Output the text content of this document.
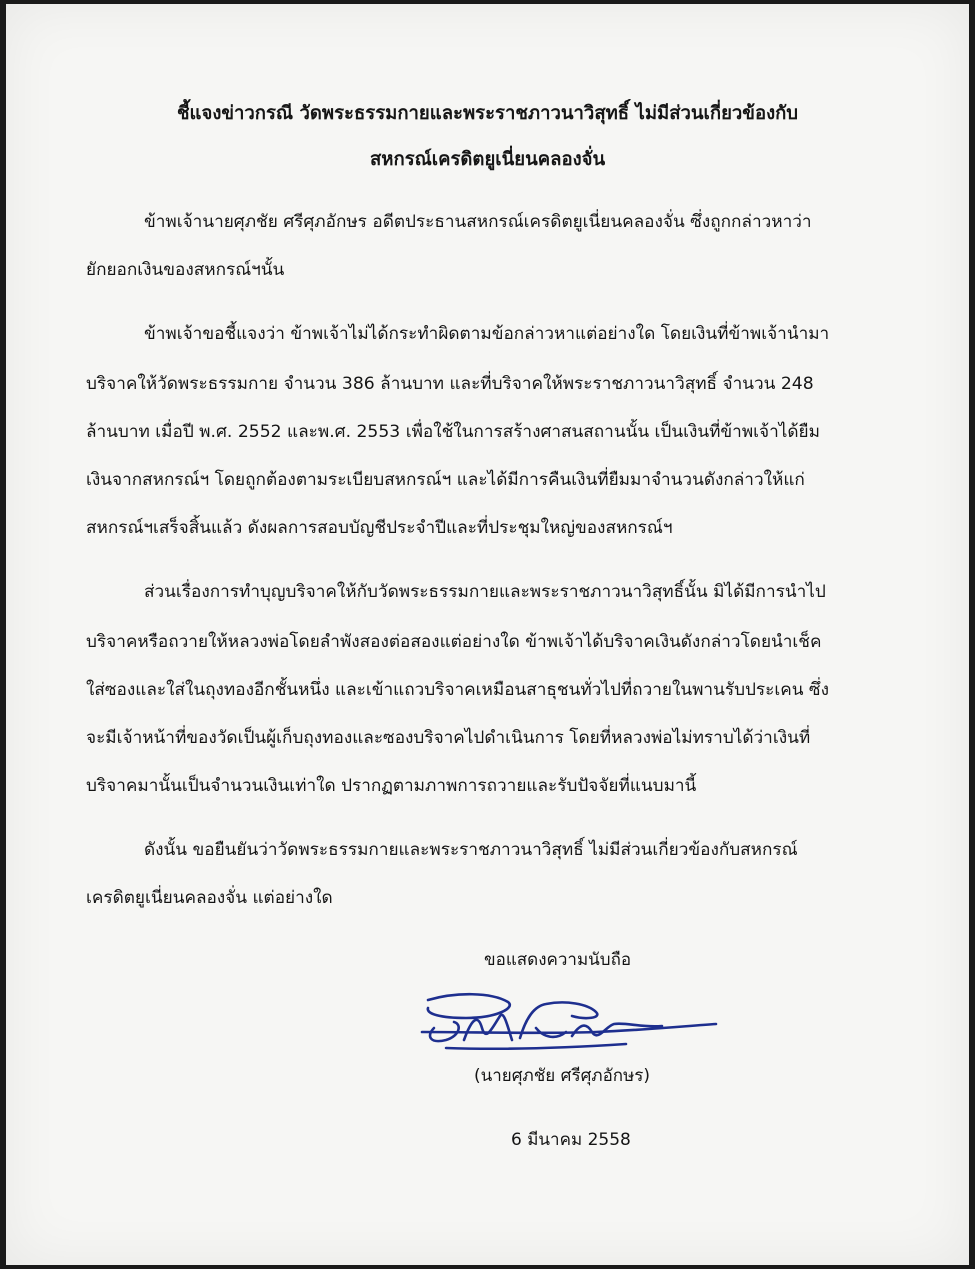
ชี้แจงข่าวกรณี วัดพระธรรมกายและพระราชภาวนาวิสุทธิ์ ไม่มีส่วนเกี่ยวข้องกับ
สหกรณ์เครดิตยูเนี่ยนคลองจั่น
ข้าพเจ้านายศุภชัย ศรีศุภอักษร อดีตประธานสหกรณ์เครดิตยูเนี่ยนคลองจั่น ซึ่งถูกกล่าวหาว่า
ยักยอกเงินของสหกรณ์ฯนั้น
ข้าพเจ้าขอชี้แจงว่า ข้าพเจ้าไม่ได้กระทำผิดตามข้อกล่าวหาแต่อย่างใด โดยเงินที่ข้าพเจ้านำมา
บริจาคให้วัดพระธรรมกาย จำนวน 386 ล้านบาท และที่บริจาคให้พระราชภาวนาวิสุทธิ์ จำนวน 248
ล้านบาท เมื่อปี พ.ศ. 2552 และพ.ศ. 2553 เพื่อใช้ในการสร้างศาสนสถานนั้น เป็นเงินที่ข้าพเจ้าได้ยืม
เงินจากสหกรณ์ฯ โดยถูกต้องตามระเบียบสหกรณ์ฯ และได้มีการคืนเงินที่ยืมมาจำนวนดังกล่าวให้แก่
สหกรณ์ฯเสร็จสิ้นแล้ว ดังผลการสอบบัญชีประจำปีและที่ประชุมใหญ่ของสหกรณ์ฯ
ส่วนเรื่องการทำบุญบริจาคให้กับวัดพระธรรมกายและพระราชภาวนาวิสุทธิ์นั้น มิได้มีการนำไป
บริจาคหรือถวายให้หลวงพ่อโดยลำพังสองต่อสองแต่อย่างใด ข้าพเจ้าได้บริจาคเงินดังกล่าวโดยนำเช็ค
ใส่ซองและใส่ในถุงทองอีกชั้นหนึ่ง และเข้าแถวบริจาคเหมือนสาธุชนทั่วไปที่ถวายในพานรับประเคน ซึ่ง
จะมีเจ้าหน้าที่ของวัดเป็นผู้เก็บถุงทองและซองบริจาคไปดำเนินการ โดยที่หลวงพ่อไม่ทราบได้ว่าเงินที่
บริจาคมานั้นเป็นจำนวนเงินเท่าใด ปรากฏตามภาพการถวายและรับปัจจัยที่แนบมานี้
ดังนั้น ขอยืนยันว่าวัดพระธรรมกายและพระราชภาวนาวิสุทธิ์ ไม่มีส่วนเกี่ยวข้องกับสหกรณ์
เครดิตยูเนี่ยนคลองจั่น แต่อย่างใด
ขอแสดงความนับถือ
(นายศุภชัย ศรีศุภอักษร)
6 มีนาคม 2558
